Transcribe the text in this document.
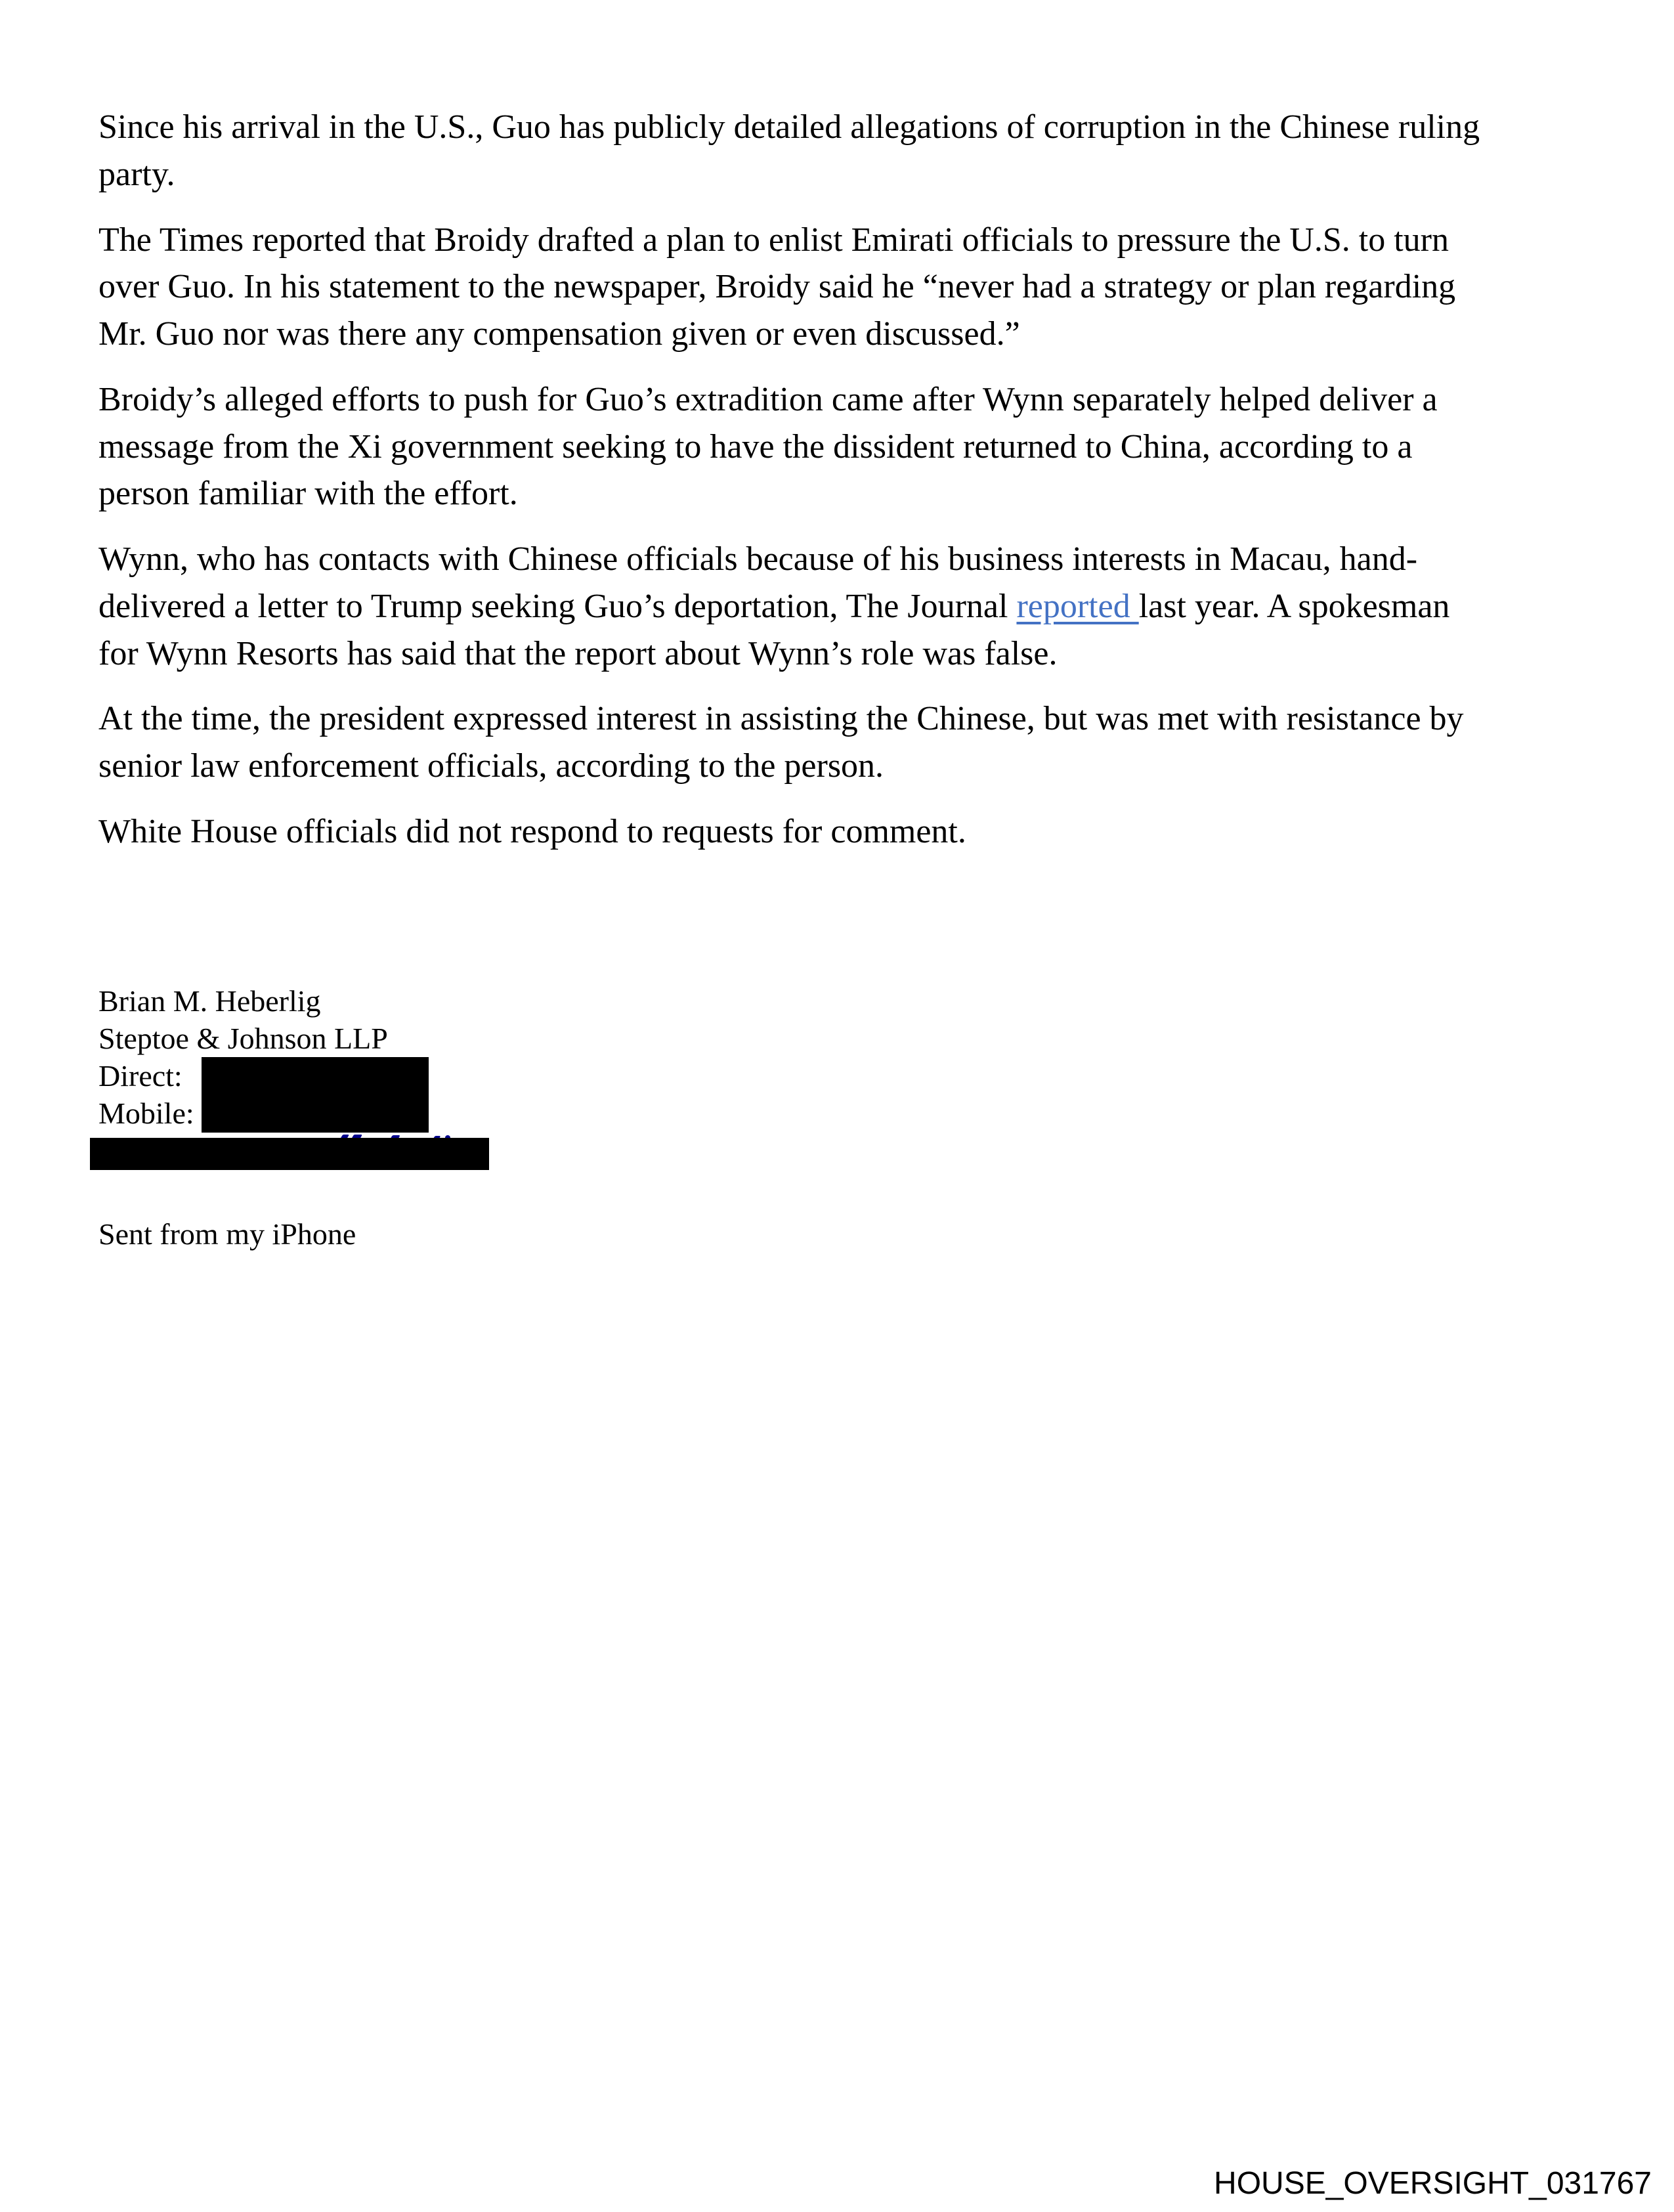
Since his arrival in the U.S., Guo has publicly detailed allegations of corruption in the Chinese ruling party.

The Times reported that Broidy drafted a plan to enlist Emirati officials to pressure the U.S. to turn over Guo. In his statement to the newspaper, Broidy said he “never had a strategy or plan regarding Mr. Guo nor was there any compensation given or even discussed.”

Broidy’s alleged efforts to push for Guo’s extradition came after Wynn separately helped deliver a message from the Xi government seeking to have the dissident returned to China, according to a person familiar with the effort.

Wynn, who has contacts with Chinese officials because of his business interests in Macau, hand-delivered a letter to Trump seeking Guo’s deportation, The Journal reported last year. A spokesman for Wynn Resorts has said that the report about Wynn’s role was false.

At the time, the president expressed interest in assisting the Chinese, but was met with resistance by senior law enforcement officials, according to the person.

White House officials did not respond to requests for comment.

Brian M. Heberlig
Steptoe & Johnson LLP
Direct:
Mobile:
Sent from my iPhone
HOUSE_OVERSIGHT_031767
